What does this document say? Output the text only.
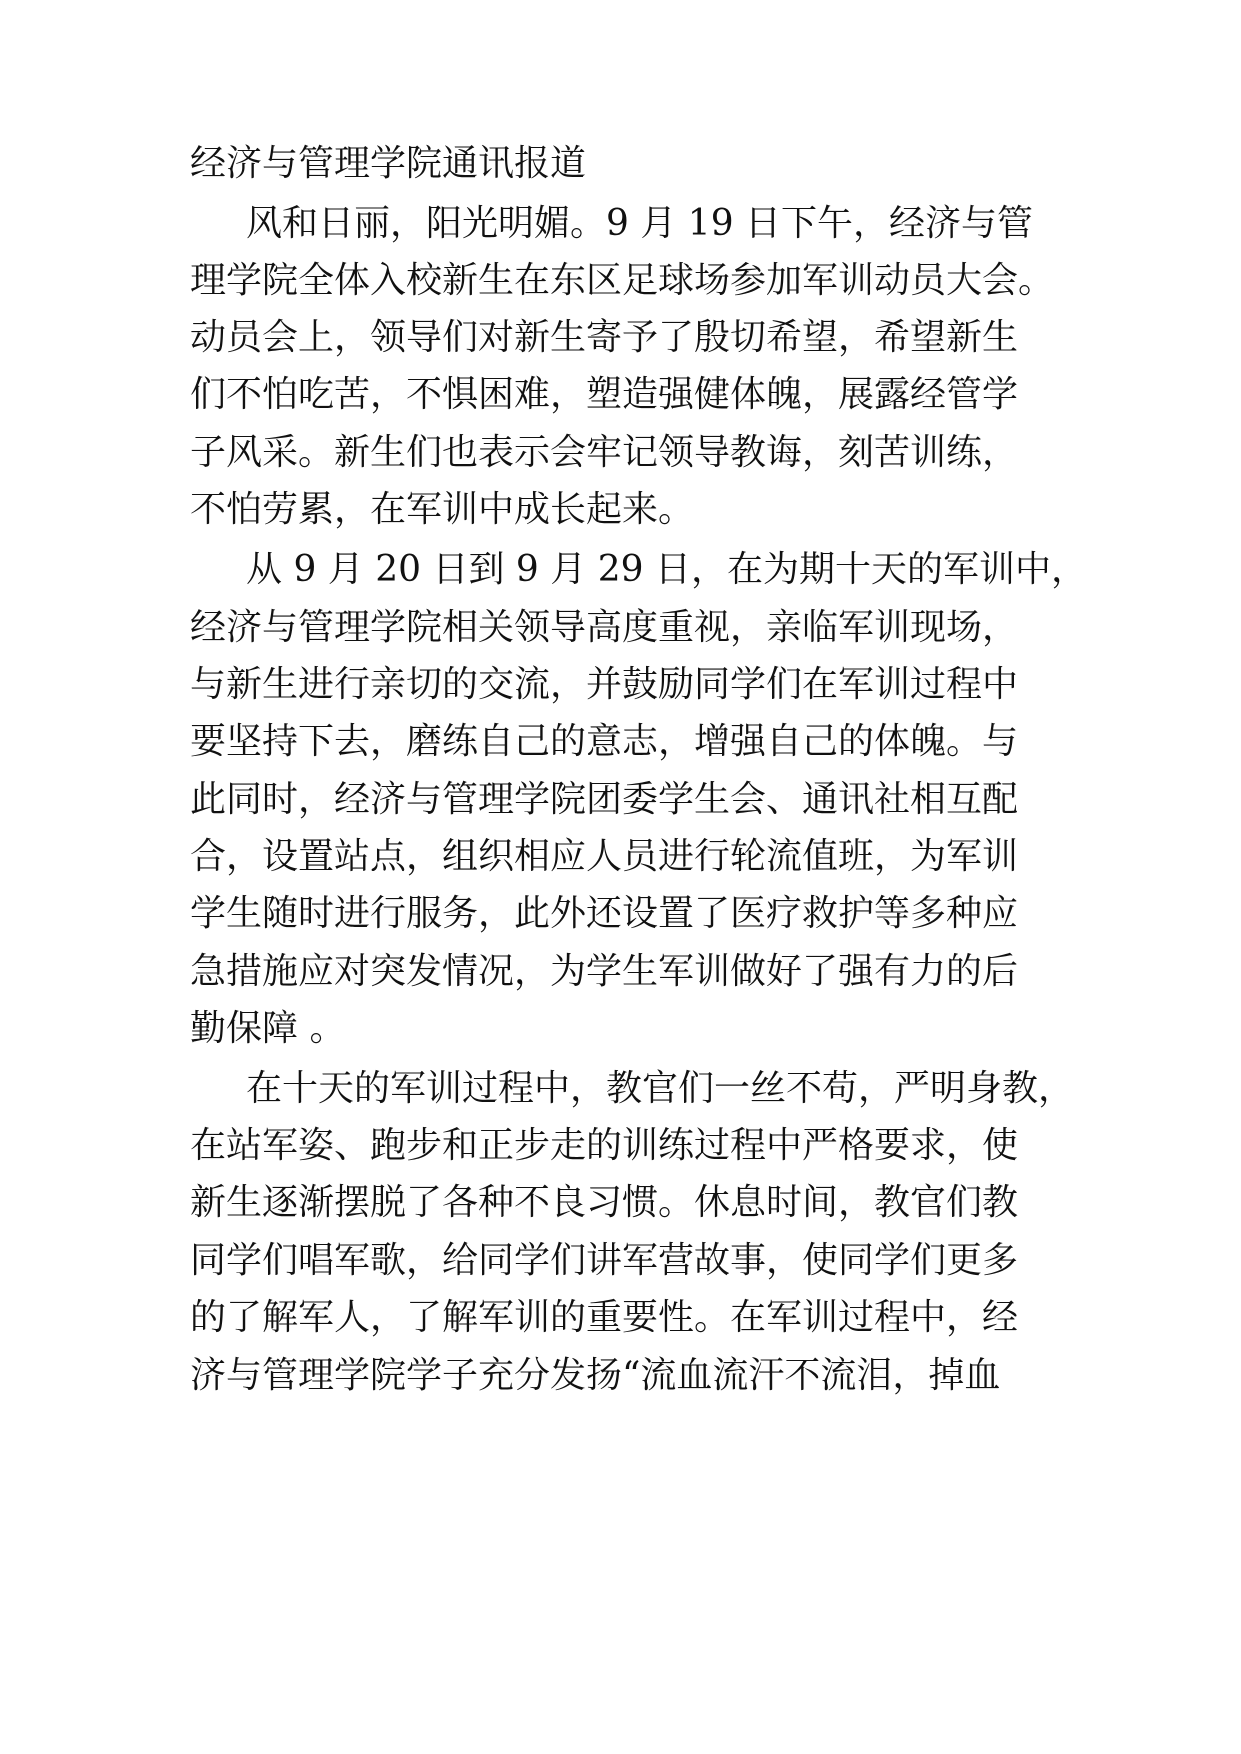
经济与管理学院通讯报道
风和日丽，阳光明媚。9 月 19 日下午，经济与管
理学院全体入校新生在东区足球场参加军训动员大会。
动员会上，领导们对新生寄予了殷切希望，希望新生
们不怕吃苦，不惧困难，塑造强健体魄，展露经管学
子风采。新生们也表示会牢记领导教诲，刻苦训练，
不怕劳累，在军训中成长起来。
从 9 月 20 日到 9 月 29 日，在为期十天的军训中，
经济与管理学院相关领导高度重视，亲临军训现场，
与新生进行亲切的交流，并鼓励同学们在军训过程中
要坚持下去，磨练自己的意志，增强自己的体魄。与
此同时，经济与管理学院团委学生会、通讯社相互配
合，设置站点，组织相应人员进行轮流值班，为军训
学生随时进行服务，此外还设置了医疗救护等多种应
急措施应对突发情况，为学生军训做好了强有力的后
勤保障 。
在十天的军训过程中，教官们一丝不苟，严明身教，
在站军姿、跑步和正步走的训练过程中严格要求，使
新生逐渐摆脱了各种不良习惯。休息时间，教官们教
同学们唱军歌，给同学们讲军营故事，使同学们更多
的了解军人，了解军训的重要性。在军训过程中，经
济与管理学院学子充分发扬“流血流汗不流泪，掉血
